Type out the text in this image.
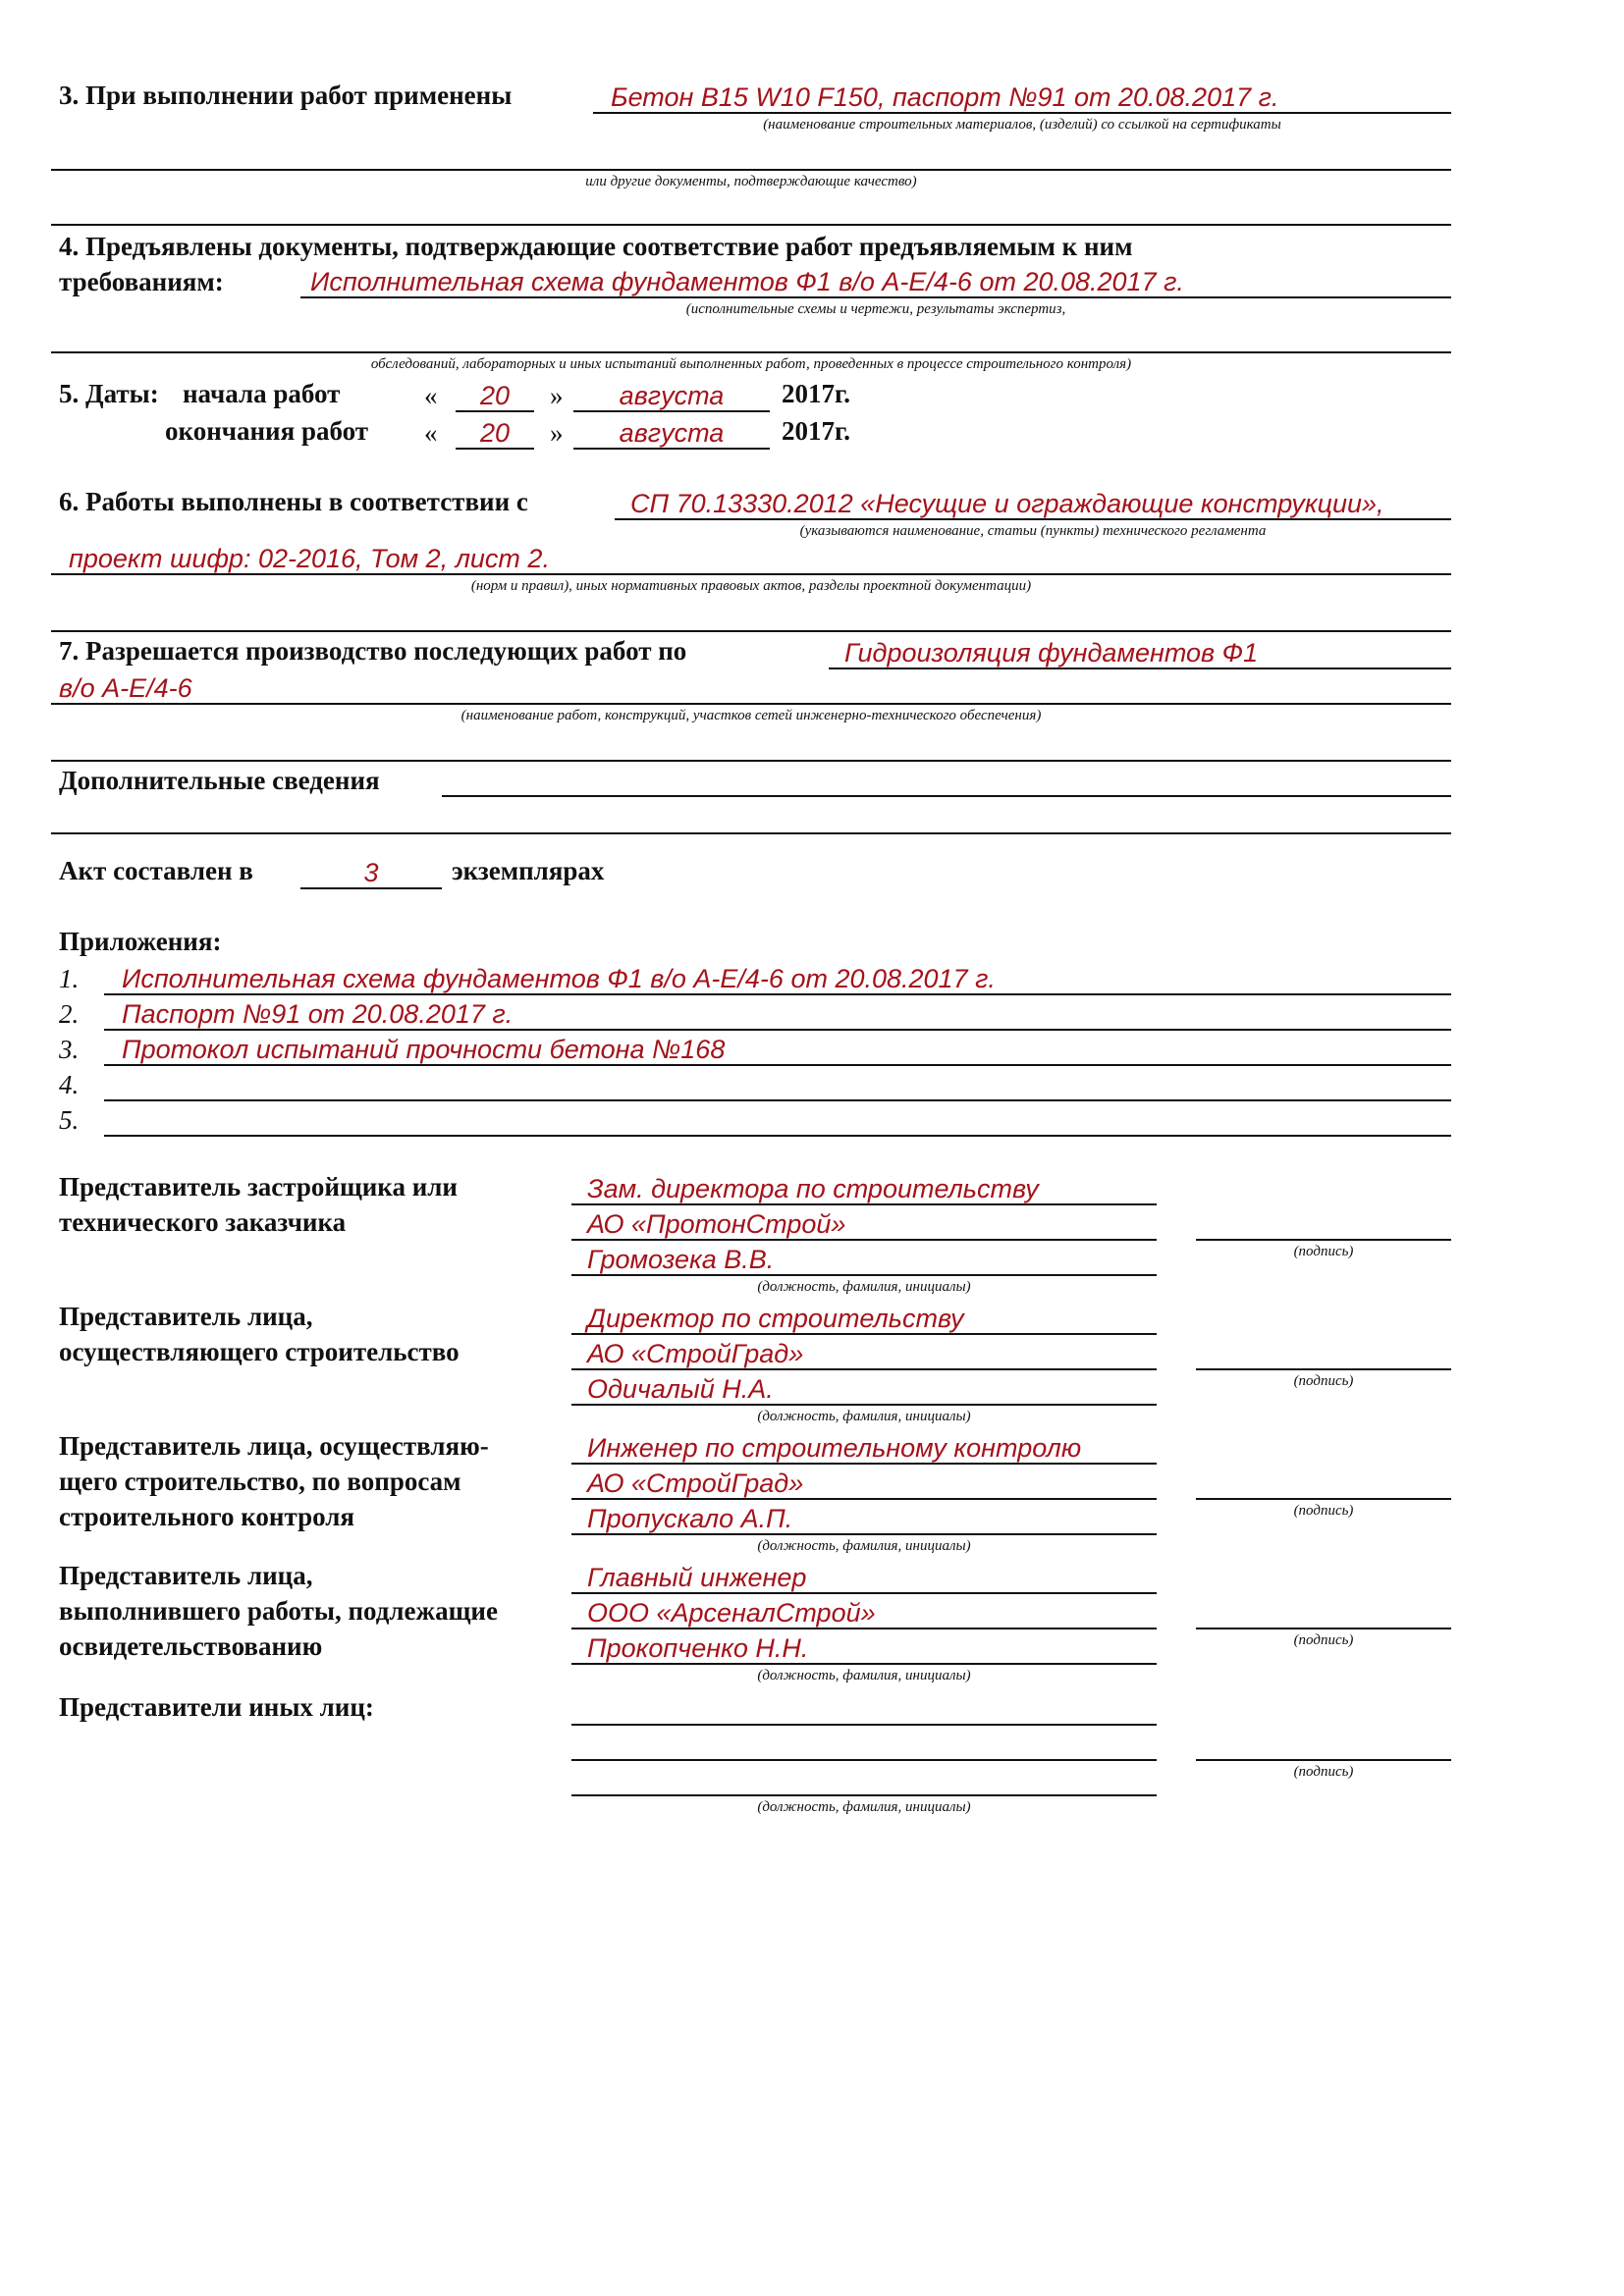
3. При выполнении работ применены	Бетон В15 W10 F150, паспорт №91 от 20.08.2017 г.
(наименование строительных материалов, (изделий) со ссылкой на сертификаты
или другие документы, подтверждающие качество)
4. Предъявлены документы, подтверждающие соответствие работ предъявляемым к ним
требованиям:	Исполнительная схема фундаментов Ф1 в/о А-Е/4-6 от 20.08.2017 г.
(исполнительные схемы и чертежи, результаты экспертиз,
обследований, лабораторных и иных испытаний выполненных работ, проведенных в процессе строительного контроля)
5. Даты: начала работ	«	20	»	августа	2017г.
окончания работ «	20	»	августа	2017г.
6. Работы выполнены в соответствии с	СП 70.13330.2012 «Несущие и ограждающие конструкции»,
(указываются наименование, статьи (пункты) технического регламента
проект шифр: 02-2016, Том 2, лист 2.
(норм и правил), иных нормативных правовых актов, разделы проектной документации)
7. Разрешается производство последующих работ по	Гидроизоляция фундаментов Ф1
в/о А-Е/4-6
(наименование работ, конструкций, участков сетей инженерно-технического обеспечения)
Дополнительные сведения
Акт составлен в	3	экземплярах
Приложения:
1. Исполнительная схема фундаментов Ф1 в/о А-Е/4-6 от 20.08.2017 г.
2. Паспорт №91 от 20.08.2017 г.
3. Протокол испытаний прочности бетона №168
4.
5.
Представитель застройщика или
технического заказчика
Зам. директора по строительству
АО «ПротонСтрой»
Громозека В.В.
(должность, фамилия, инициалы)
(подпись)
Представитель лица,
осуществляющего строительство
Директор по строительству
АО «СтройГрад»
Одичалый Н.А.
(должность, фамилия, инициалы)
(подпись)
Представитель лица, осуществляю-
щего строительство, по вопросам
строительного контроля
Инженер по строительному контролю
АО «СтройГрад»
Пропускало А.П.
(должность, фамилия, инициалы)
(подпись)
Представитель лица,
выполнившего работы, подлежащие
освидетельствованию
Главный инженер
ООО «АрсеналСтрой»
Прокопченко Н.Н.
(должность, фамилия, инициалы)
(подпись)
Представители иных лиц:
(должность, фамилия, инициалы)
(подпись)
